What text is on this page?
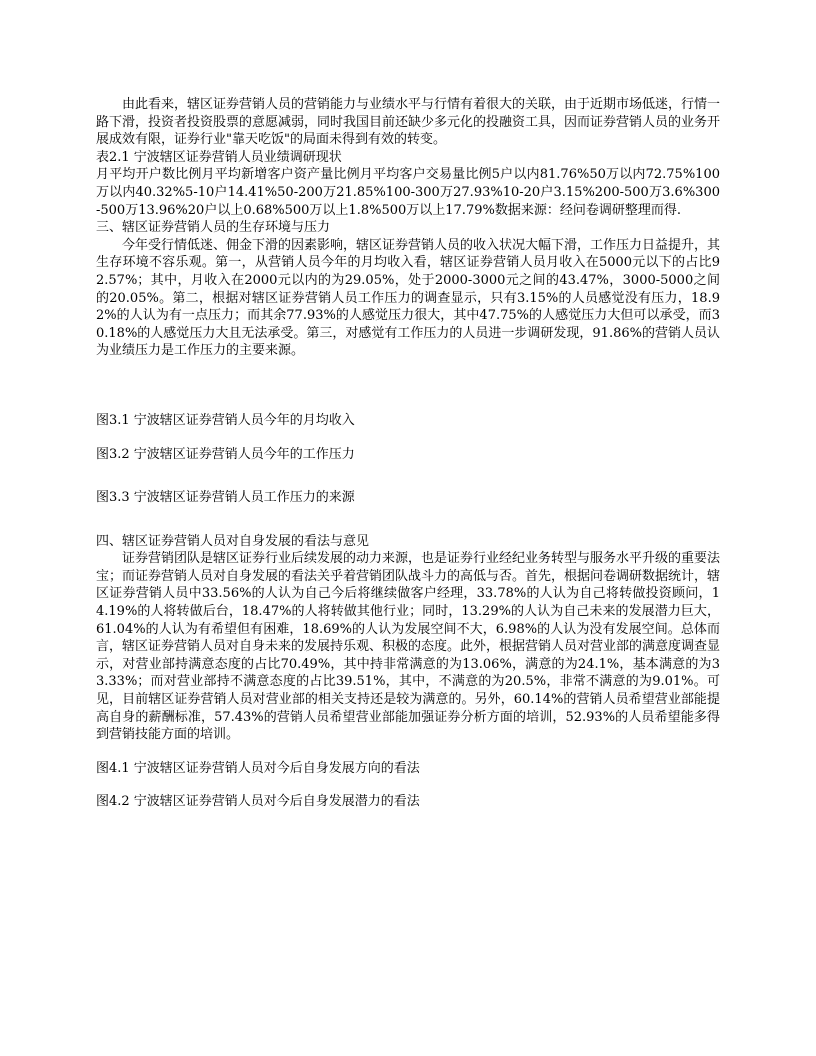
由此看来，辖区证券营销人员的营销能力与业绩水平与行情有着很大的关联，由于近期市场低迷，行情一路下滑，投资者投资股票的意愿减弱，同时我国目前还缺少多元化的投融资工具，因而证券营销人员的业务开展成效有限，证券行业"靠天吃饭"的局面未得到有效的转变。

表2.1 宁波辖区证券营销人员业绩调研现状

月平均开户数比例月平均新增客户资产量比例月平均客户交易量比例5户以内81.76%50万以内72.75%100万以内40.32%5-10户14.41%50-200万21.85%100-300万27.93%10-20户3.15%200-500万3.6%300-500万13.96%20户以上0.68%500万以上1.8%500万以上17.79%数据来源：经问卷调研整理而得.

三、辖区证券营销人员的生存环境与压力

今年受行情低迷、佣金下滑的因素影响，辖区证券营销人员的收入状况大幅下滑，工作压力日益提升，其生存环境不容乐观。第一，从营销人员今年的月均收入看，辖区证券营销人员月收入在5000元以下的占比92.57%；其中，月收入在2000元以内的为29.05%，处于2000-3000元之间的43.47%，3000-5000之间的20.05%。第二，根据对辖区证券营销人员工作压力的调查显示，只有3.15%的人员感觉没有压力，18.92%的人认为有一点压力；而其余77.93%的人感觉压力很大，其中47.75%的人感觉压力大但可以承受，而30.18%的人感觉压力大且无法承受。第三，对感觉有工作压力的人员进一步调研发现，91.86%的营销人员认为业绩压力是工作压力的主要来源。

图3.1 宁波辖区证券营销人员今年的月均收入

图3.2 宁波辖区证券营销人员今年的工作压力

图3.3 宁波辖区证券营销人员工作压力的来源

四、辖区证券营销人员对自身发展的看法与意见

证券营销团队是辖区证券行业后续发展的动力来源，也是证券行业经纪业务转型与服务水平升级的重要法宝；而证券营销人员对自身发展的看法关乎着营销团队战斗力的高低与否。首先，根据问卷调研数据统计，辖区证券营销人员中33.56%的人认为自己今后将继续做客户经理，33.78%的人认为自己将转做投资顾问，14.19%的人将转做后台，18.47%的人将转做其他行业；同时，13.29%的人认为自己未来的发展潜力巨大，61.04%的人认为有希望但有困难，18.69%的人认为发展空间不大，6.98%的人认为没有发展空间。总体而言，辖区证券营销人员对自身未来的发展持乐观、积极的态度。此外，根据营销人员对营业部的满意度调查显示，对营业部持满意态度的占比70.49%，其中持非常满意的为13.06%，满意的为24.1%，基本满意的为33.33%；而对营业部持不满意态度的占比39.51%，其中，不满意的为20.5%，非常不满意的为9.01%。可见，目前辖区证券营销人员对营业部的相关支持还是较为满意的。另外，60.14%的营销人员希望营业部能提高自身的薪酬标准，57.43%的营销人员希望营业部能加强证券分析方面的培训，52.93%的人员希望能多得到营销技能方面的培训。

图4.1 宁波辖区证券营销人员对今后自身发展方向的看法

图4.2 宁波辖区证券营销人员对今后自身发展潜力的看法
